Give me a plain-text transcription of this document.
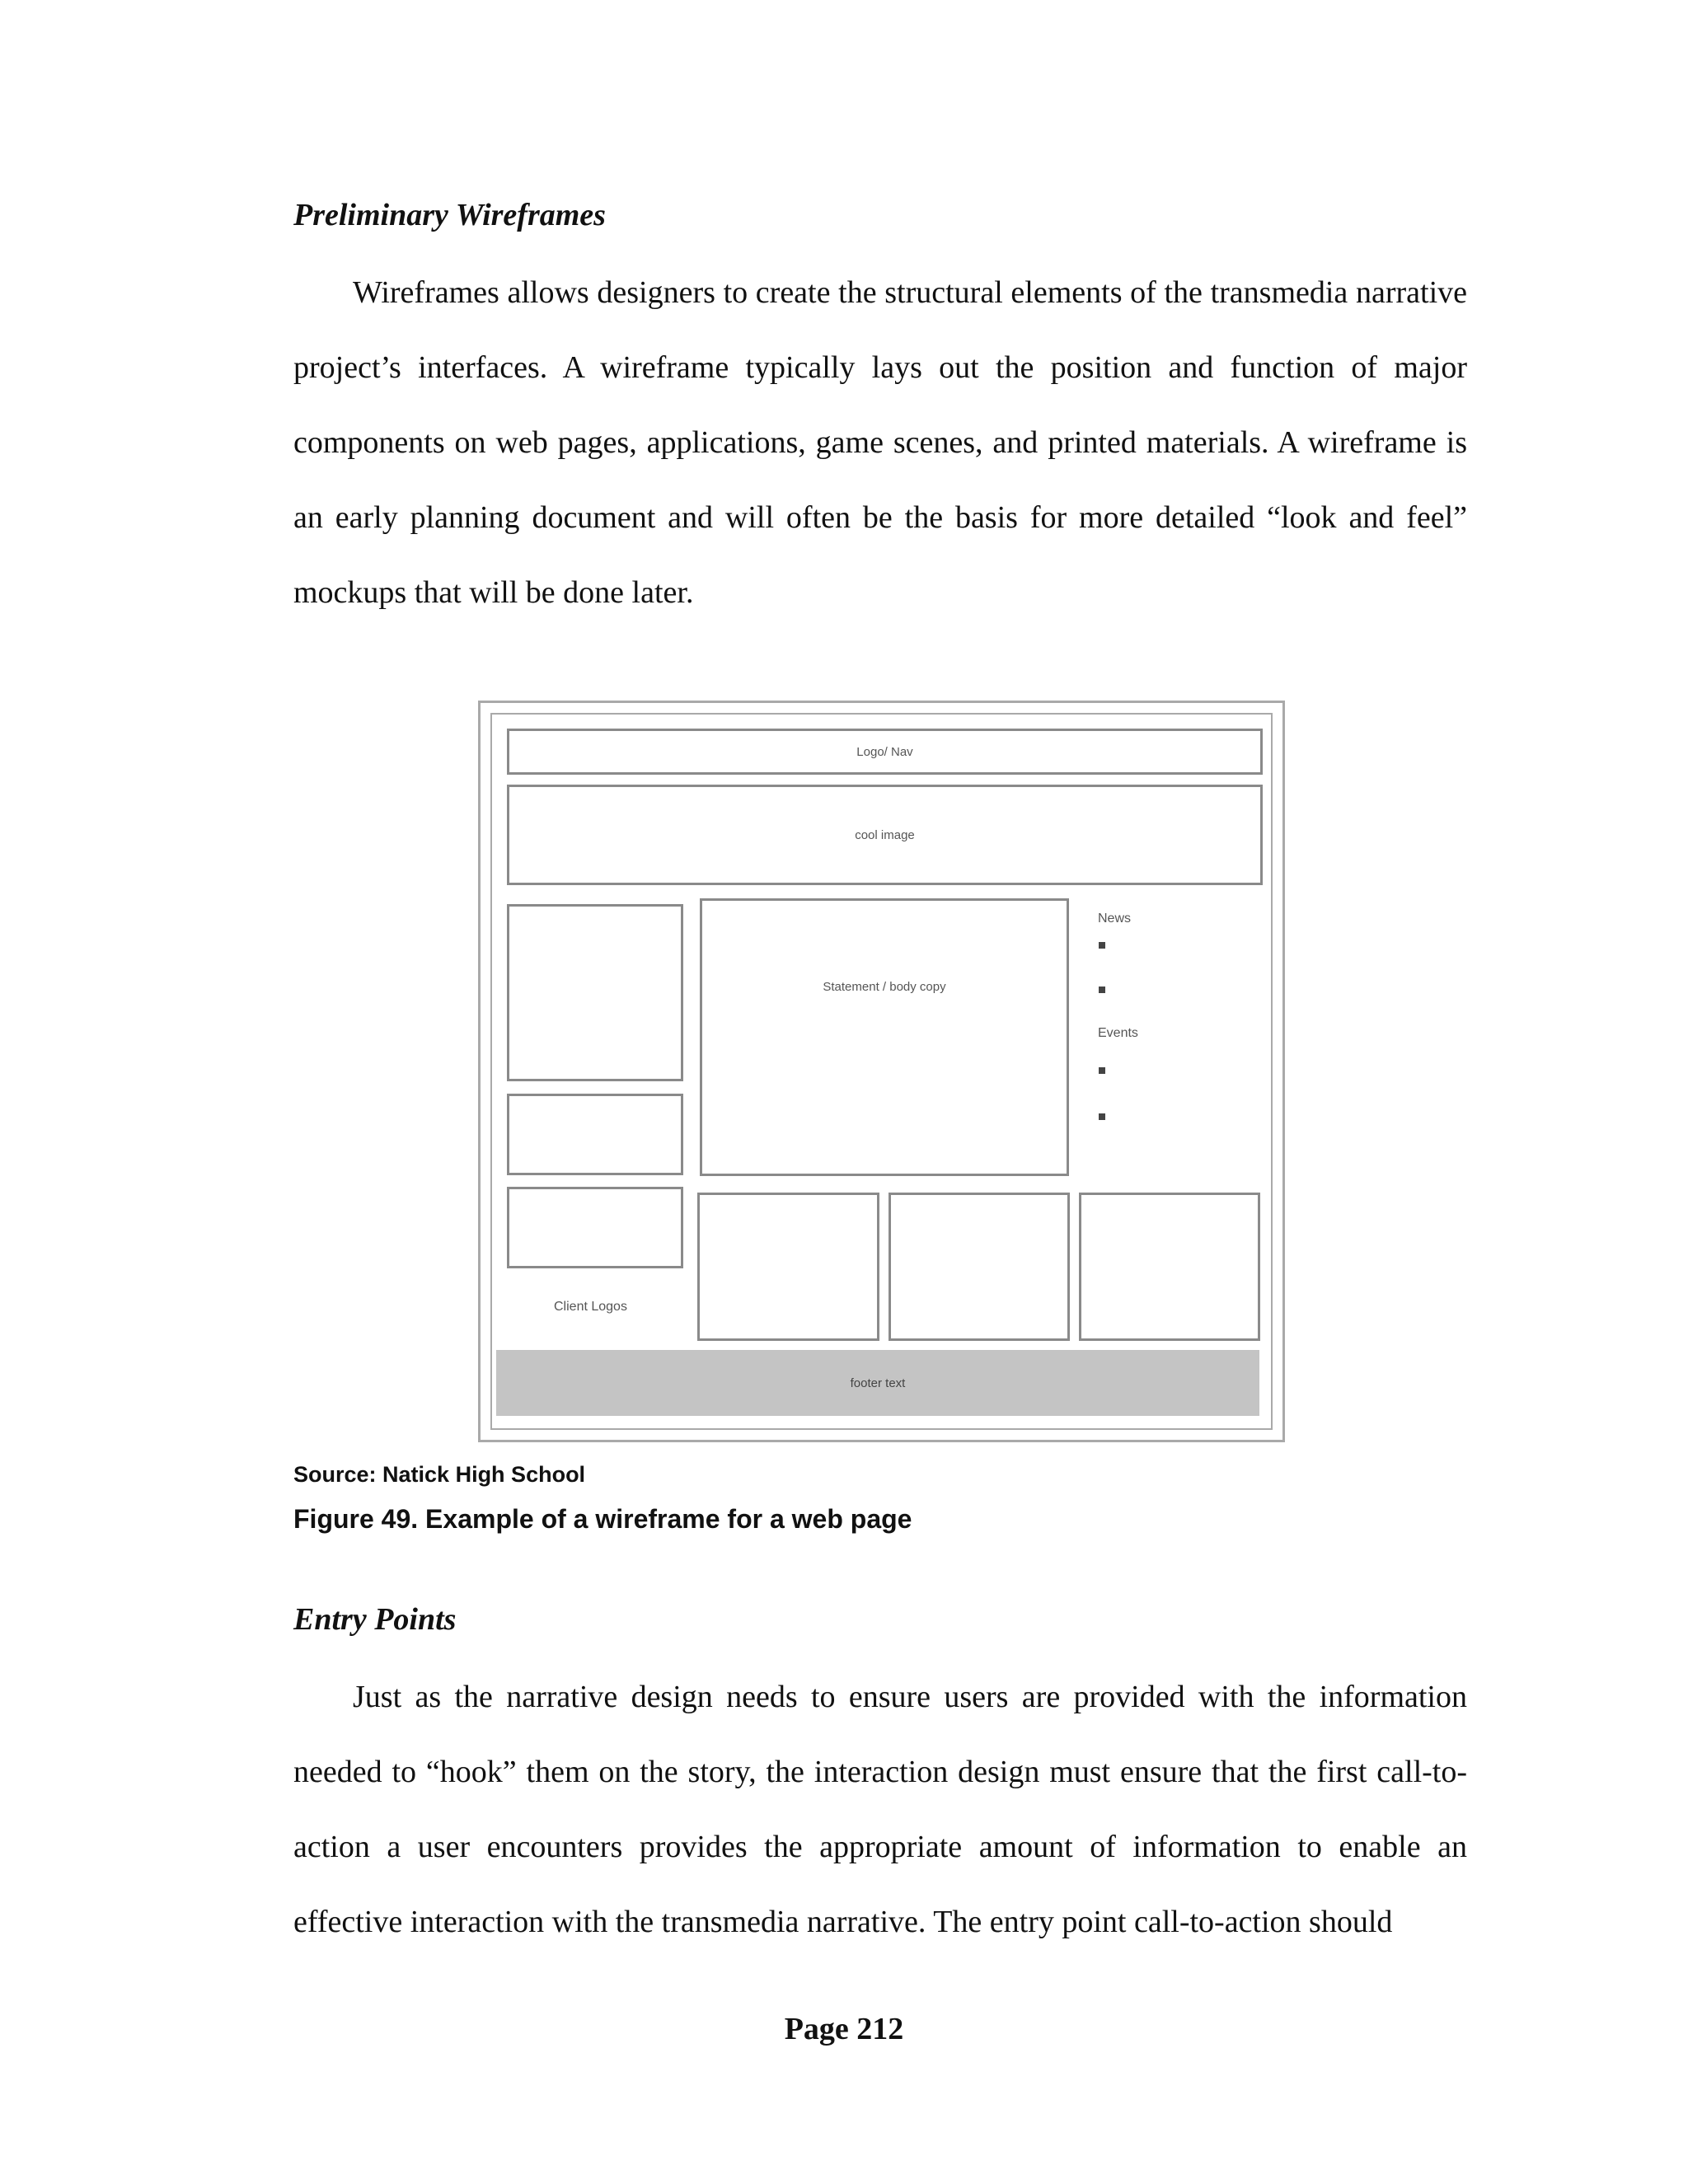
Preliminary Wireframes

Wireframes allows designers to create the structural elements of the transmedia narrative project’s interfaces. A wireframe typically lays out the position and function of major components on web pages, applications, game scenes, and printed materials. A wireframe is an early planning document and will often be the basis for more detailed “look and feel” mockups that will be done later.

Logo/ Nav
cool image
Client Logos
Statement / body copy
News
Events
footer text

Source: Natick High School

Figure 49. Example of a wireframe for a web page

Entry Points

Just as the narrative design needs to ensure users are provided with the information needed to “hook” them on the story, the interaction design must ensure that the first call-to-action a user encounters provides the appropriate amount of information to enable an effective interaction with the transmedia narrative. The entry point call-to-action should

Page 212
